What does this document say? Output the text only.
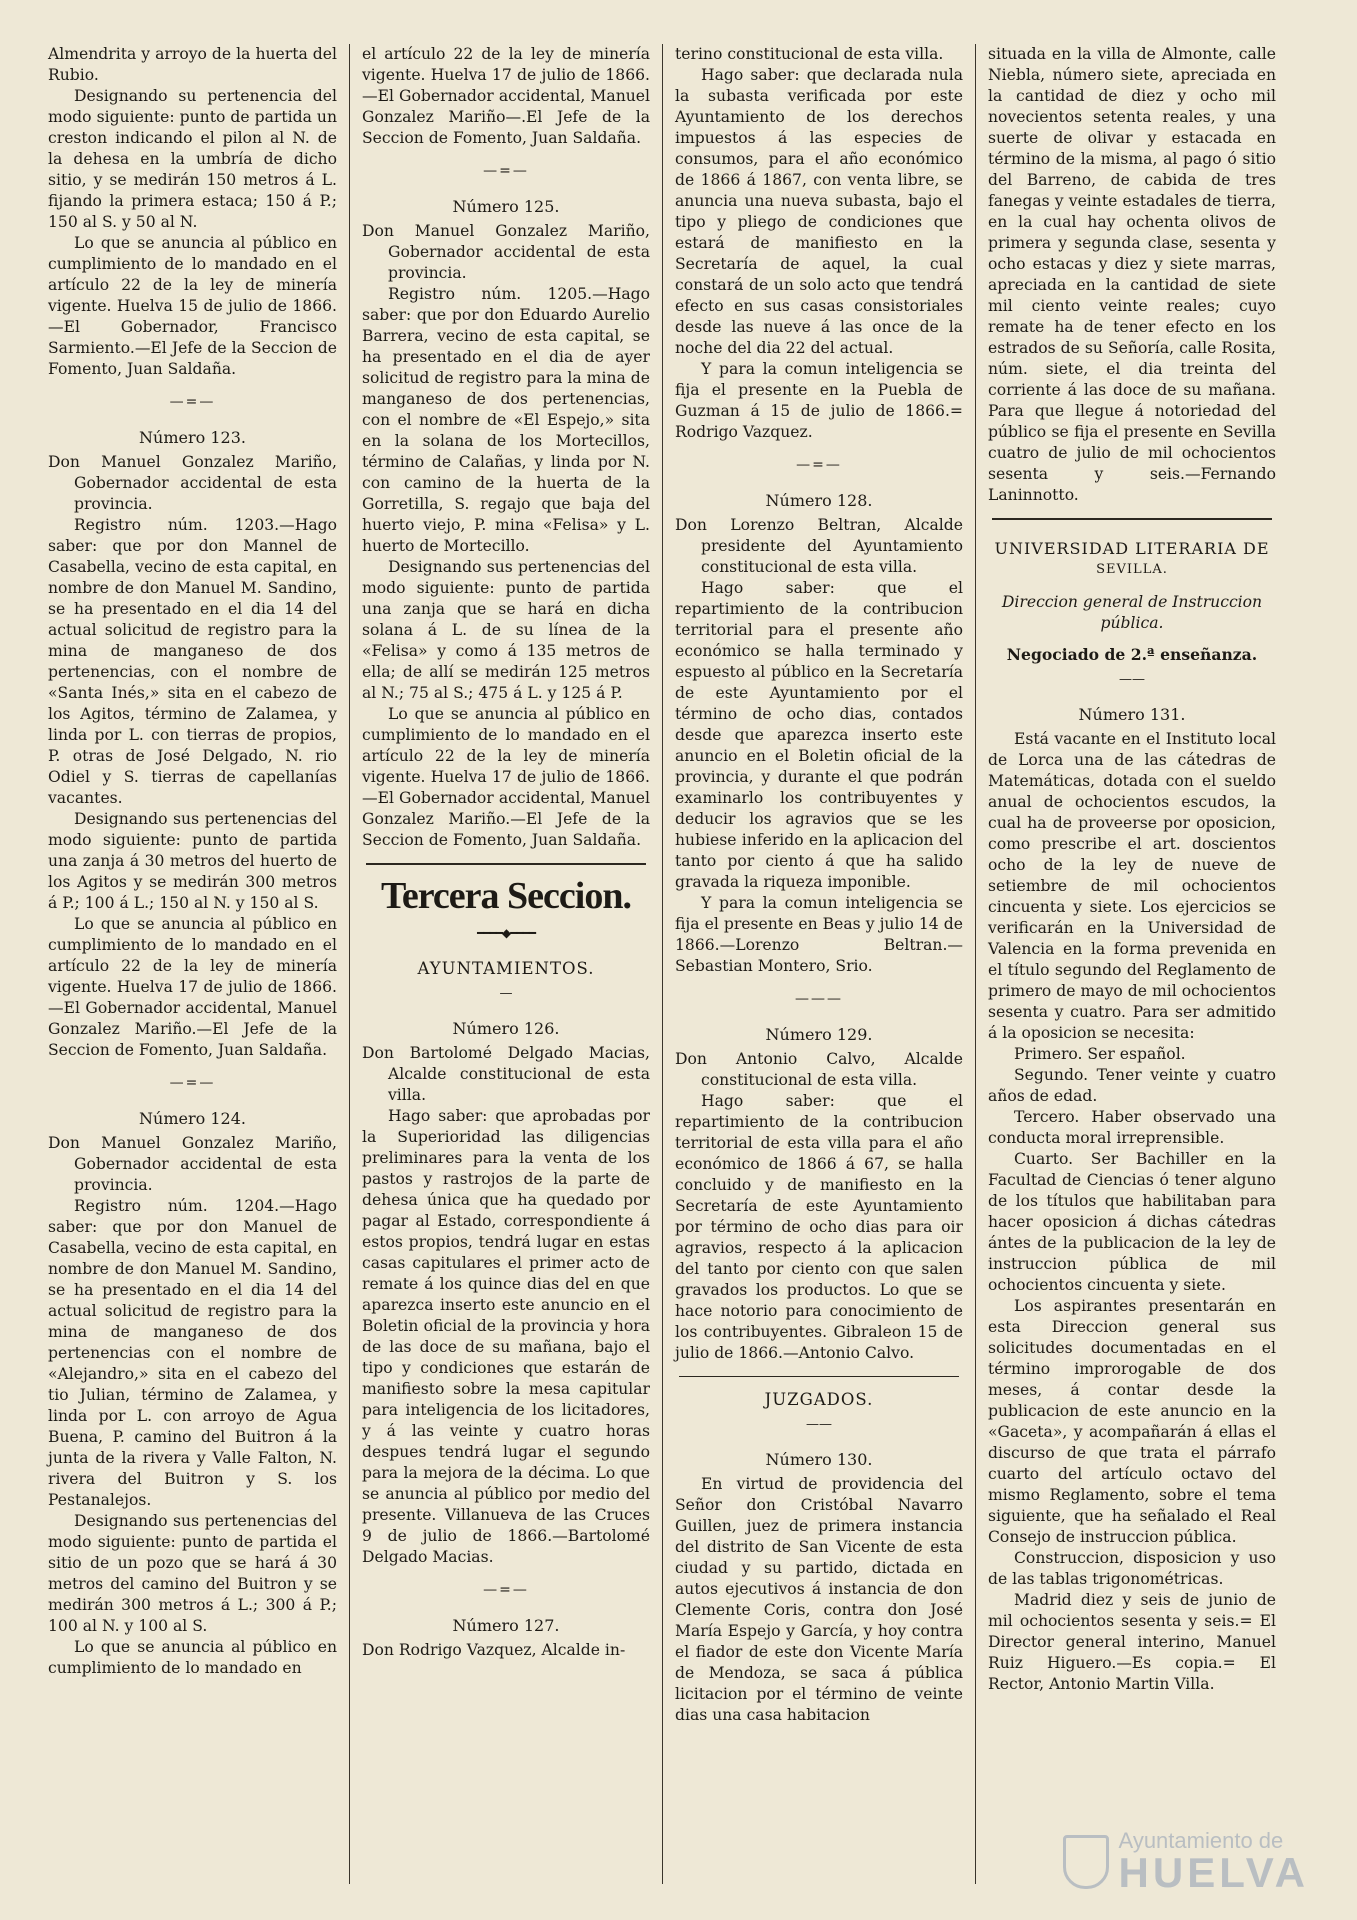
Almendrita y arroyo de la huerta del Rubio.

Designando su pertenencia del modo siguiente: punto de partida un creston indicando el pilon al N. de la dehesa en la umbría de dicho sitio, y se medirán 150 metros á L. fijando la primera estaca; 150 á P.; 150 al S. y 50 al N.

Lo que se anuncia al público en cumplimiento de lo mandado en el artículo 22 de la ley de minería vigente. Huelva 15 de julio de 1866.—El Gobernador, Francisco Sarmiento.—El Jefe de la Seccion de Fomento, Juan Saldaña.

—=—
Número 123.

Don Manuel Gonzalez Mariño, Gobernador accidental de esta provincia.

Registro núm. 1203.—Hago saber: que por don Mannel de Casabella, vecino de esta capital, en nombre de don Manuel M. Sandino, se ha presentado en el dia 14 del actual solicitud de registro para la mina de manganeso de dos pertenencias, con el nombre de «Santa Inés,» sita en el cabezo de los Agitos, término de Zalamea, y linda por L. con tierras de propios, P. otras de José Delgado, N. rio Odiel y S. tierras de capellanías vacantes.

Designando sus pertenencias del modo siguiente: punto de partida una zanja á 30 metros del huerto de los Agitos y se medirán 300 metros á P.; 100 á L.; 150 al N. y 150 al S.

Lo que se anuncia al público en cumplimiento de lo mandado en el artículo 22 de la ley de minería vigente. Huelva 17 de julio de 1866.—El Gobernador accidental, Manuel Gonzalez Mariño.—El Jefe de la Seccion de Fomento, Juan Saldaña.

—=—
Número 124.

Don Manuel Gonzalez Mariño, Gobernador accidental de esta provincia.

Registro núm. 1204.—Hago saber: que por don Manuel de Casabella, vecino de esta capital, en nombre de don Manuel M. Sandino, se ha presentado en el dia 14 del actual solicitud de registro para la mina de manganeso de dos pertenencias con el nombre de «Alejandro,» sita en el cabezo del tio Julian, término de Zalamea, y linda por L. con arroyo de Agua Buena, P. camino del Buitron á la junta de la rivera y Valle Falton, N. rivera del Buitron y S. los Pestanalejos.

Designando sus pertenencias del modo siguiente: punto de partida el sitio de un pozo que se hará á 30 metros del camino del Buitron y se medirán 300 metros á L.; 300 á P.; 100 al N. y 100 al S.

Lo que se anuncia al público en cumplimiento de lo mandado en

el artículo 22 de la ley de minería vigente. Huelva 17 de julio de 1866.—El Gobernador accidental, Manuel Gonzalez Mariño—.El Jefe de la Seccion de Fomento, Juan Saldaña.

—=—
Número 125.

Don Manuel Gonzalez Mariño, Gobernador accidental de esta provincia.

Registro núm. 1205.—Hago saber: que por don Eduardo Aurelio Barrera, vecino de esta capital, se ha presentado en el dia de ayer solicitud de registro para la mina de manganeso de dos pertenencias, con el nombre de «El Espejo,» sita en la solana de los Mortecillos, término de Calañas, y linda por N. con camino de la huerta de la Gorretilla, S. regajo que baja del huerto viejo, P. mina «Felisa» y L. huerto de Mortecillo.

Designando sus pertenencias del modo siguiente: punto de partida una zanja que se hará en dicha solana á L. de su línea de la «Felisa» y como á 135 metros de ella; de allí se medirán 125 metros al N.; 75 al S.; 475 á L. y 125 á P.

Lo que se anuncia al público en cumplimiento de lo mandado en el artículo 22 de la ley de minería vigente. Huelva 17 de julio de 1866.—El Gobernador accidental, Manuel Gonzalez Mariño.—El Jefe de la Seccion de Fomento, Juan Saldaña.

Tercera Seccion.
━━━━◆━━━━
AYUNTAMIENTOS.
—
Número 126.

Don Bartolomé Delgado Macias, Alcalde constitucional de esta villa.

Hago saber: que aprobadas por la Superioridad las diligencias preliminares para la venta de los pastos y rastrojos de la parte de dehesa única que ha quedado por pagar al Estado, correspondiente á estos propios, tendrá lugar en estas casas capitulares el primer acto de remate á los quince dias del en que aparezca inserto este anuncio en el Boletin oficial de la provincia y hora de las doce de su mañana, bajo el tipo y condiciones que estarán de manifiesto sobre la mesa capitular para inteligencia de los licitadores, y á las veinte y cuatro horas despues tendrá lugar el segundo para la mejora de la décima. Lo que se anuncia al público por medio del presente. Villanueva de las Cruces 9 de julio de 1866.—Bartolomé Delgado Macias.

—=—
Número 127.

Don Rodrigo Vazquez, Alcalde in-

terino constitucional de esta villa.

Hago saber: que declarada nula la subasta verificada por este Ayuntamiento de los derechos impuestos á las especies de consumos, para el año económico de 1866 á 1867, con venta libre, se anuncia una nueva subasta, bajo el tipo y pliego de condiciones que estará de manifiesto en la Secretaría de aquel, la cual constará de un solo acto que tendrá efecto en sus casas consistoriales desde las nueve á las once de la noche del dia 22 del actual.

Y para la comun inteligencia se fija el presente en la Puebla de Guzman á 15 de julio de 1866.= Rodrigo Vazquez.

—=—
Número 128.

Don Lorenzo Beltran, Alcalde presidente del Ayuntamiento constitucional de esta villa.

Hago saber: que el repartimiento de la contribucion territorial para el presente año económico se halla terminado y espuesto al público en la Secretaría de este Ayuntamiento por el término de ocho dias, contados desde que aparezca inserto este anuncio en el Boletin oficial de la provincia, y durante el que podrán examinarlo los contribuyentes y deducir los agravios que se les hubiese inferido en la aplicacion del tanto por ciento á que ha salido gravada la riqueza imponible.

Y para la comun inteligencia se fija el presente en Beas y julio 14 de 1866.—Lorenzo Beltran.— Sebastian Montero, Srio.

———
Número 129.

Don Antonio Calvo, Alcalde constitucional de esta villa.

Hago saber: que el repartimiento de la contribucion territorial de esta villa para el año económico de 1866 á 67, se halla concluido y de manifiesto en la Secretaría de este Ayuntamiento por término de ocho dias para oir agravios, respecto á la aplicacion del tanto por ciento con que salen gravados los productos. Lo que se hace notorio para conocimiento de los contribuyentes. Gibraleon 15 de julio de 1866.—Antonio Calvo.

JUZGADOS.
——
Número 130.

En virtud de providencia del Señor don Cristóbal Navarro Guillen, juez de primera instancia del distrito de San Vicente de esta ciudad y su partido, dictada en autos ejecutivos á instancia de don Clemente Coris, contra don José María Espejo y García, y hoy contra el fiador de este don Vicente María de Mendoza, se saca á pública licitacion por el término de veinte dias una casa habitacion

situada en la villa de Almonte, calle Niebla, número siete, apreciada en la cantidad de diez y ocho mil novecientos setenta reales, y una suerte de olivar y estacada en término de la misma, al pago ó sitio del Barreno, de cabida de tres fanegas y veinte estadales de tierra, en la cual hay ochenta olivos de primera y segunda clase, sesenta y ocho estacas y diez y siete marras, apreciada en la cantidad de siete mil ciento veinte reales; cuyo remate ha de tener efecto en los estrados de su Señoría, calle Rosita, núm. siete, el dia treinta del corriente á las doce de su mañana. Para que llegue á notoriedad del público se fija el presente en Sevilla cuatro de julio de mil ochocientos sesenta y seis.—Fernando Laninnotto.

UNIVERSIDAD LITERARIA DE
SEVILLA.
Direccion general de Instruccion pública.
Negociado de 2.ª enseñanza.
——
Número 131.

Está vacante en el Instituto local de Lorca una de las cátedras de Matemáticas, dotada con el sueldo anual de ochocientos escudos, la cual ha de proveerse por oposicion, como prescribe el art. doscientos ocho de la ley de nueve de setiembre de mil ochocientos cincuenta y siete. Los ejercicios se verificarán en la Universidad de Valencia en la forma prevenida en el título segundo del Reglamento de primero de mayo de mil ochocientos sesenta y cuatro. Para ser admitido á la oposicion se necesita:

Primero. Ser español.

Segundo. Tener veinte y cuatro años de edad.

Tercero. Haber observado una conducta moral irreprensible.

Cuarto. Ser Bachiller en la Facultad de Ciencias ó tener alguno de los títulos que habilitaban para hacer oposicion á dichas cátedras ántes de la publicacion de la ley de instruccion pública de mil ochocientos cincuenta y siete.

Los aspirantes presentarán en esta Direccion general sus solicitudes documentadas en el término improrogable de dos meses, á contar desde la publicacion de este anuncio en la «Gaceta», y acompañarán á ellas el discurso de que trata el párrafo cuarto del artículo octavo del mismo Reglamento, sobre el tema siguiente, que ha señalado el Real Consejo de instruccion pública.

Construccion, disposicion y uso de las tablas trigonométricas.

Madrid diez y seis de junio de mil ochocientos sesenta y seis.= El Director general interino, Manuel Ruiz Higuero.—Es copia.= El Rector, Antonio Martin Villa.

Ayuntamiento de
HUELVA
